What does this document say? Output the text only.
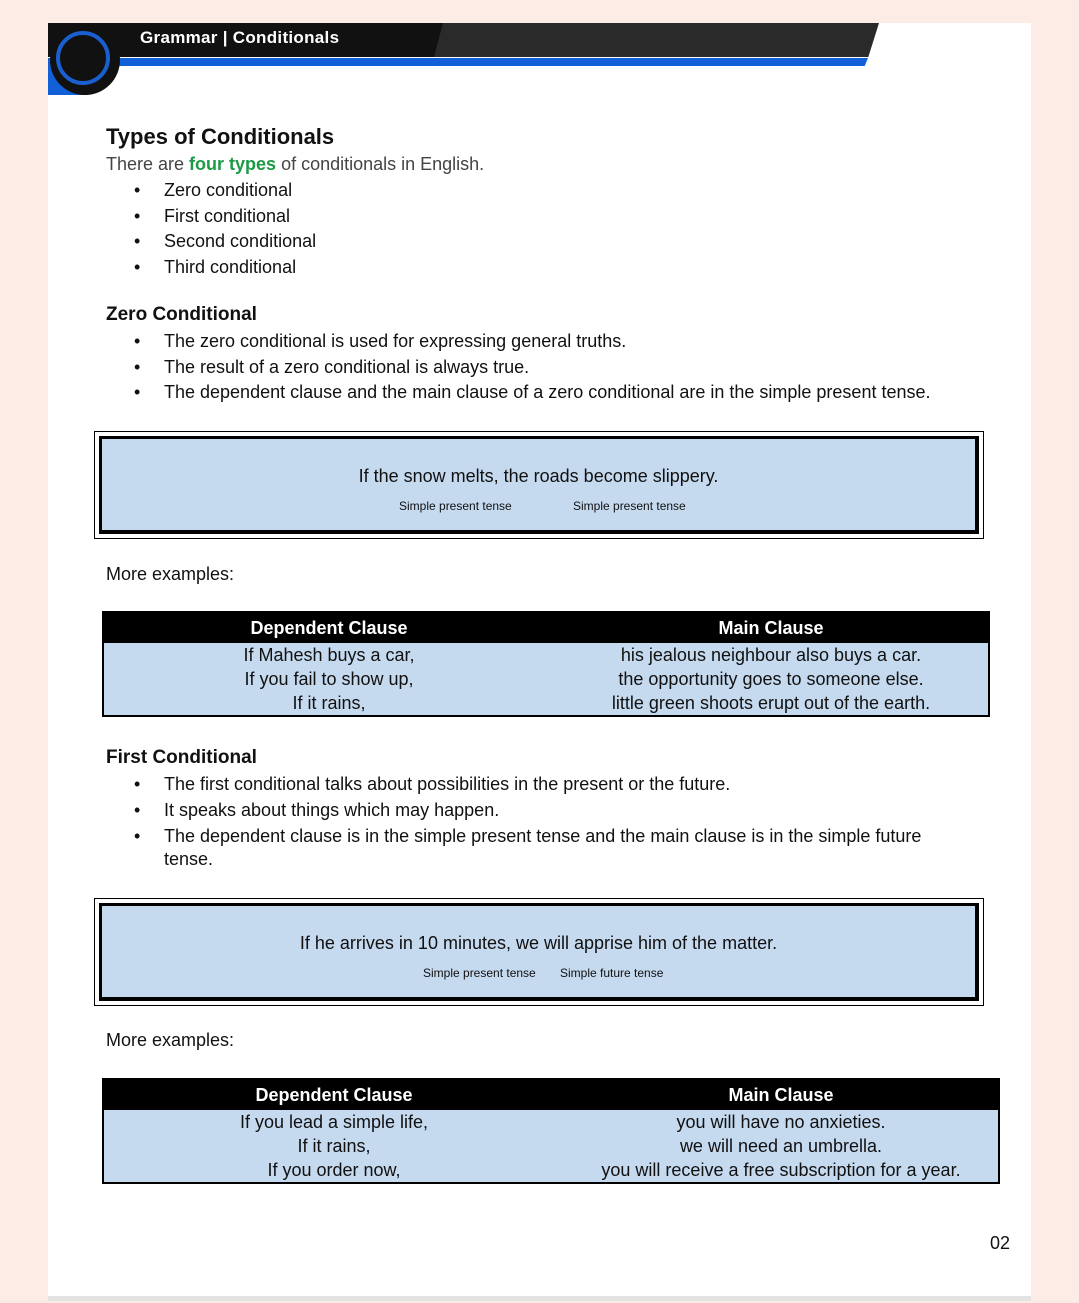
Grammar | Conditionals
Types of Conditionals
There are four types of conditionals in English.
• Zero conditional
• First conditional
• Second conditional
• Third conditional
Zero Conditional
• The zero conditional is used for expressing general truths.
• The result of a zero conditional is always true.
• The dependent clause and the main clause of a zero conditional are in the simple present tense.
If the snow melts, the roads become slippery.
Simple present tense	Simple present tense
More examples:
Dependent Clause	Main Clause
If Mahesh buys a car,	his jealous neighbour also buys a car.
If you fail to show up,	the opportunity goes to someone else.
If it rains,	little green shoots erupt out of the earth.
First Conditional
• The first conditional talks about possibilities in the present or the future.
• It speaks about things which may happen.
• The dependent clause is in the simple present tense and the main clause is in the simple future tense.
If he arrives in 10 minutes, we will apprise him of the matter.
Simple present tense Simple future tense
More examples:
Dependent Clause	Main Clause
If you lead a simple life,	you will have no anxieties.
If it rains,	we will need an umbrella.
If you order now,	you will receive a free subscription for a year.
02
